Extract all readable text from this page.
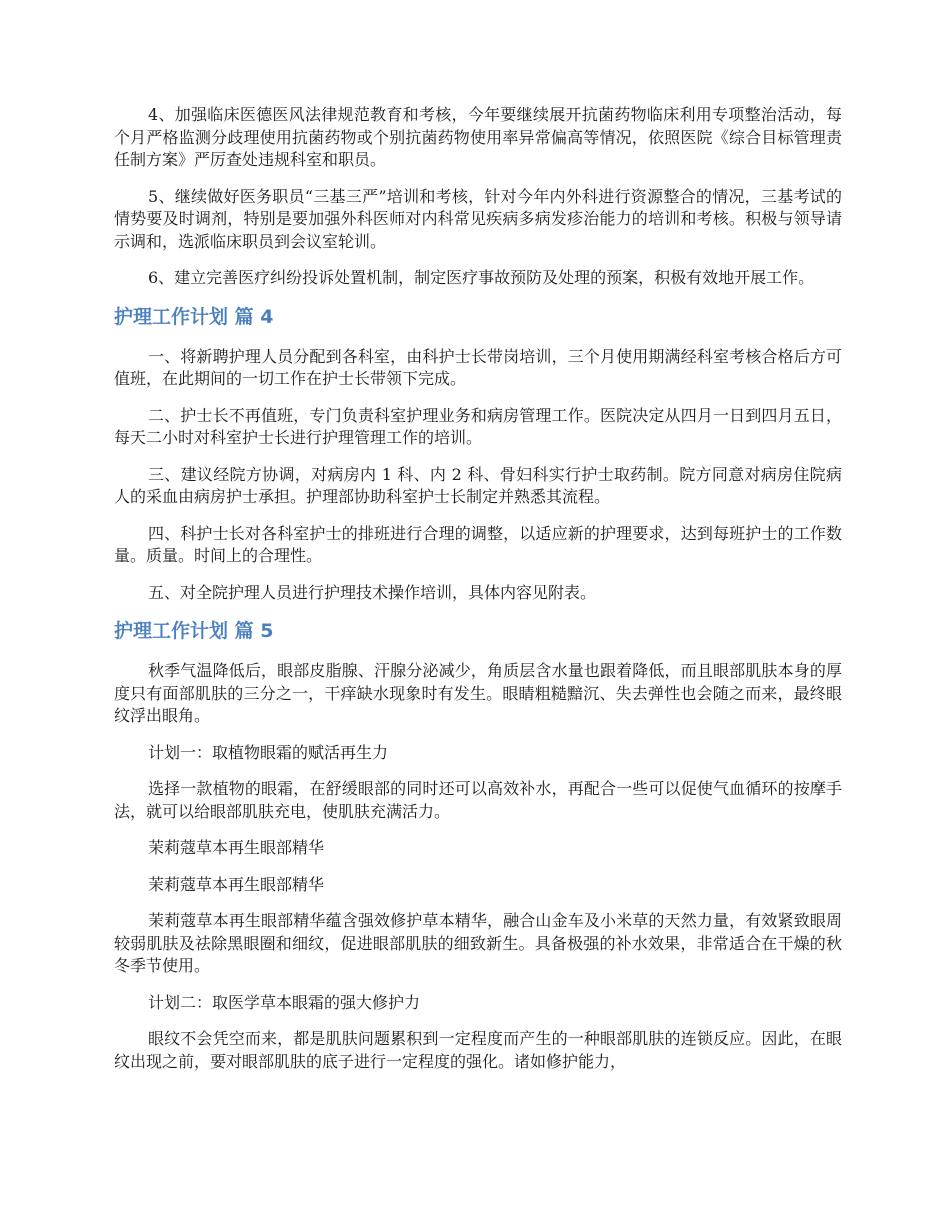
4、加强临床医德医风法律规范教育和考核，今年要继续展开抗菌药物临床利用专项整治活动，每个月严格监测分歧理使用抗菌药物或个别抗菌药物使用率异常偏高等情况，依照医院《综合目标管理责任制方案》严厉查处违规科室和职员。

5、继续做好医务职员“三基三严”培训和考核，针对今年内外科进行资源整合的情况，三基考试的情势要及时调剂，特别是要加强外科医师对内科常见疾病多病发疹治能力的培训和考核。积极与领导请示调和，选派临床职员到会议室轮训。

6、建立完善医疗纠纷投诉处置机制，制定医疗事故预防及处理的预案，积极有效地开展工作。

护理工作计划 篇 4

一、将新聘护理人员分配到各科室，由科护士长带岗培训，三个月使用期满经科室考核合格后方可值班，在此期间的一切工作在护士长带领下完成。

二、护士长不再值班，专门负责科室护理业务和病房管理工作。医院决定从四月一日到四月五日，每天二小时对科室护士长进行护理管理工作的培训。

三、建议经院方协调，对病房内 1 科、内 2 科、骨妇科实行护士取药制。院方同意对病房住院病人的采血由病房护士承担。护理部协助科室护士长制定并熟悉其流程。

四、科护士长对各科室护士的排班进行合理的调整，以适应新的护理要求，达到每班护士的工作数量。质量。时间上的合理性。

五、对全院护理人员进行护理技术操作培训，具体内容见附表。

护理工作计划 篇 5

秋季气温降低后，眼部皮脂腺、汗腺分泌减少，角质层含水量也跟着降低，而且眼部肌肤本身的厚度只有面部肌肤的三分之一，干痒缺水现象时有发生。眼睛粗糙黯沉、失去弹性也会随之而来，最终眼纹浮出眼角。

计划一：取植物眼霜的赋活再生力

选择一款植物的眼霜，在舒缓眼部的同时还可以高效补水，再配合一些可以促使气血循环的按摩手法，就可以给眼部肌肤充电，使肌肤充满活力。

茉莉蔻草本再生眼部精华

茉莉蔻草本再生眼部精华

茉莉蔻草本再生眼部精华蕴含强效修护草本精华，融合山金车及小米草的天然力量，有效紧致眼周较弱肌肤及祛除黑眼圈和细纹，促进眼部肌肤的细致新生。具备极强的补水效果，非常适合在干燥的秋冬季节使用。

计划二：取医学草本眼霜的强大修护力

眼纹不会凭空而来，都是肌肤问题累积到一定程度而产生的一种眼部肌肤的连锁反应。因此，在眼纹出现之前，要对眼部肌肤的底子进行一定程度的强化。诸如修护能力，
